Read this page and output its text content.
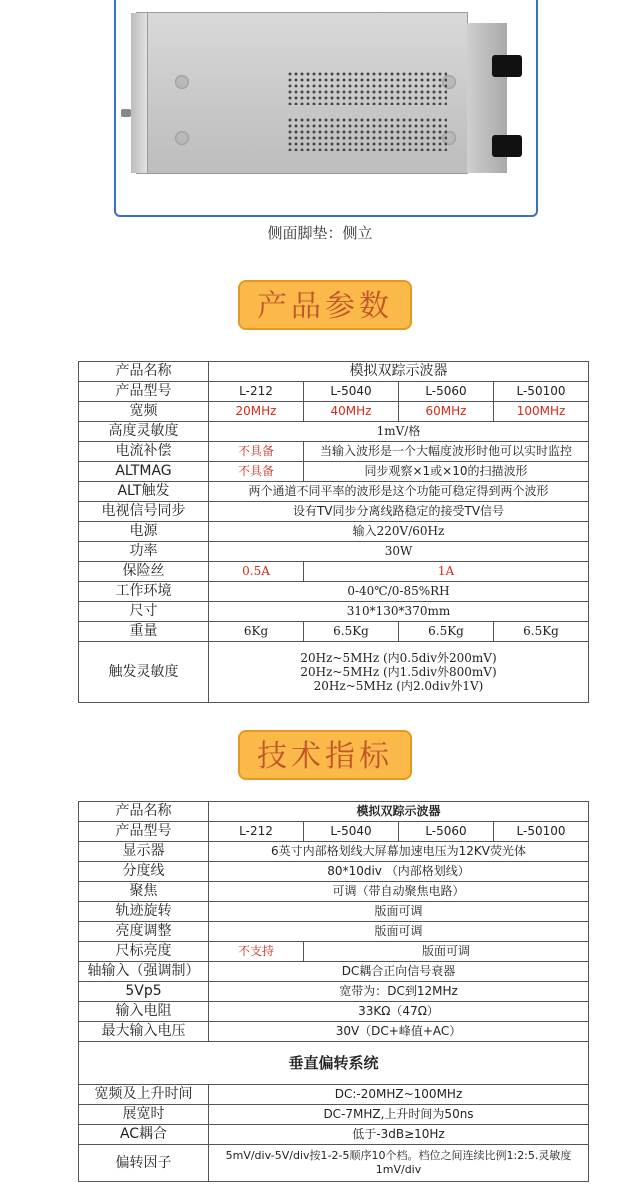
侧面脚垫：侧立
产品参数
产品名称	模拟双踪示波器			
产品型号	L-212	L-5040	L-5060	L-50100
宽频	20MHz	40MHz	60MHz	100MHz
高度灵敏度	1mV/格			
电流补偿	不具备	当输入波形是一个大幅度波形时他可以实时监控		
ALTMAG	不具备	同步观察×1或×10的扫描波形		
ALT触发	两个通道不同平率的波形是这个功能可稳定得到两个波形			
电视信号同步	设有TV同步分离线路稳定的接受TV信号			
电源	输入220V/60Hz			
功率	30W			
保险丝	0.5A	1A		
工作环境	0-40℃/0-85%RH			
尺寸	310*130*370mm			
重量	6Kg	6.5Kg	6.5Kg	6.5Kg
触发灵敏度	20Hz~5MHz (内0.5div外200mV)
20Hz~5MHz (内1.5div外800mV)
20Hz~5MHz (内2.0div外1V)			
技术指标
产品名称	模拟双踪示波器			
产品型号	L-212	L-5040	L-5060	L-50100
显示器	6英寸内部格划线大屏幕加速电压为12KV荧光体			
分度线	80*10div （内部格划线）			
聚焦	可调（带自动聚焦电路）			
轨迹旋转	版面可调			
亮度调整	版面可调			
尺标亮度	不支持	版面可调		
轴输入（强调制）	DC耦合正向信号衰器			
5Vp5	宽带为：DC到12MHz			
输入电阻	33KΩ（47Ω）			
最大输入电压	30V（DC+峰值+AC）			
垂直偏转系统				
宽频及上升时间	DC:-20MHZ~100MHz			
展宽时	DC-7MHZ,上升时间为50ns			
AC耦合	低于-3dB≥10Hz			
偏转因子	5mV/div-5V/div按1-2-5顺序10个档。档位之间连续比例1:2:5.灵敏度1mV/div			
